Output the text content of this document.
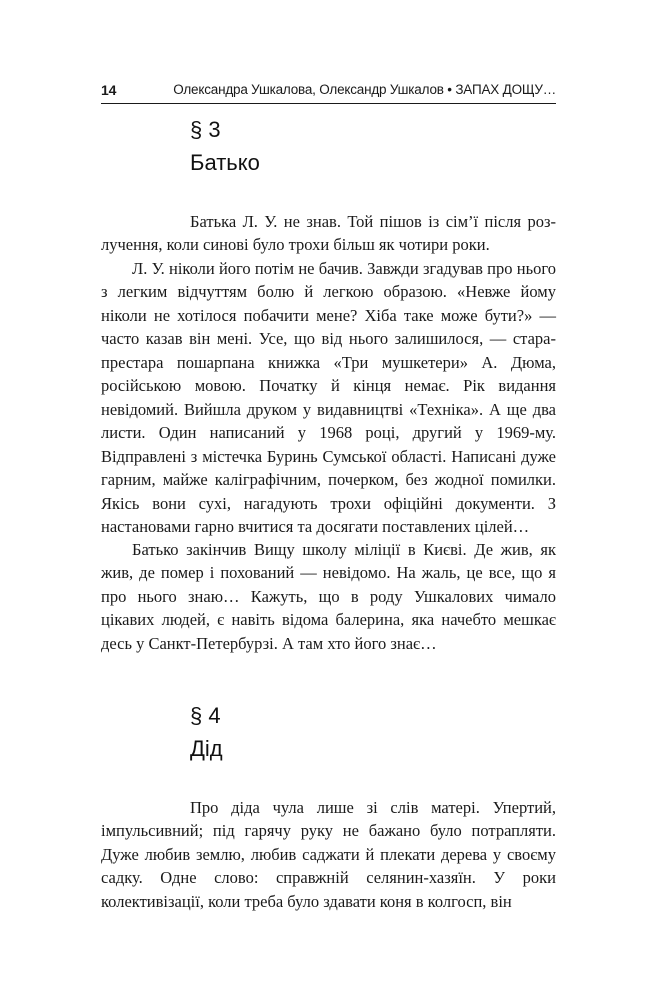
14	Олександра Ушкалова, Олександр Ушкалов • ЗАПАХ ДОЩУ…
§ 3
Батько

Батька Л. У. не знав. Той пішов із сім’ї після розлучення, коли синові було трохи більш як чотири роки.

Л. У. ніколи його потім не бачив. Завжди згадував про нього з легким відчуттям болю й легкою образою. «Невже йому ніколи не хотілося побачити мене? Хіба таке може бути?» — часто казав він мені. Усе, що від нього залишилося, — стара-престара пошарпана книжка «Три мушкетери» А. Дюма, російською мовою. Початку й кінця немає. Рік видання невідомий. Вийшла друком у видавництві «Техніка». А ще два листи. Один написаний у 1968 році, другий у 1969-му. Відправлені з містечка Буринь Сумської області. Написані дуже гарним, майже каліграфічним, почерком, без жодної помилки. Якісь вони сухі, нагадують трохи офіційні документи. З настановами гарно вчитися та досягати поставлених цілей…

Батько закінчив Вищу школу міліції в Києві. Де жив, як жив, де помер і похований — невідомо. На жаль, це все, що я про нього знаю… Кажуть, що в роду Ушкалових чимало цікавих людей, є навіть відома балерина, яка начебто мешкає десь у Санкт-Петербурзі. А там хто його знає…

§ 4
Дід

Про діда чула лише зі слів матері. Упертий, імпульсивний; під гарячу руку не бажано було потрапляти. Дуже любив землю, любив саджати й плекати дерева у своєму садку. Одне слово: справжній селянин-хазяїн. У роки колективізації, коли треба було здавати коня в колгосп, він
